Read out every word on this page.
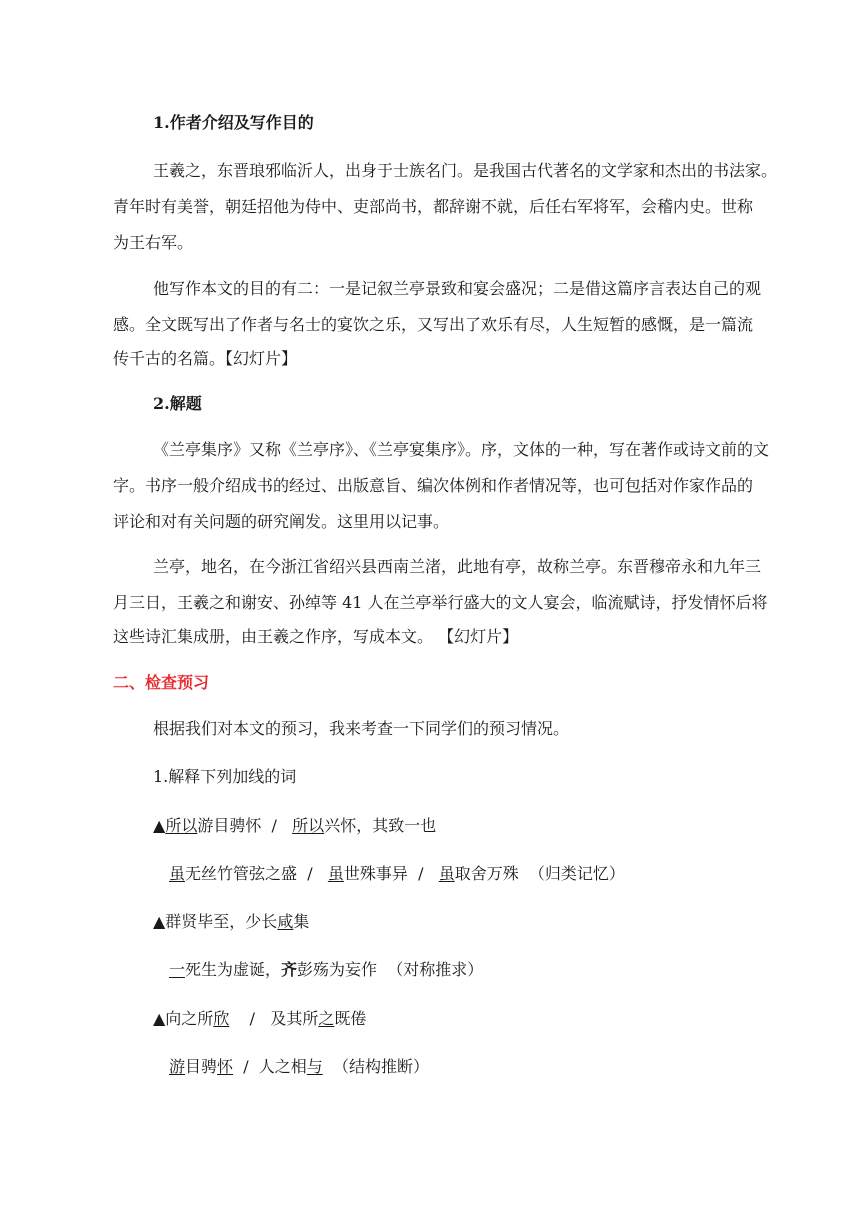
1.作者介绍及写作目的
王羲之，东晋琅邪临沂人，出身于士族名门。是我国古代著名的文学家和杰出的书法家。
青年时有美誉，朝廷招他为侍中、吏部尚书，都辞谢不就，后任右军将军，会稽内史。世称
为王右军。
他写作本文的目的有二：一是记叙兰亭景致和宴会盛况；二是借这篇序言表达自己的观
感。全文既写出了作者与名士的宴饮之乐，又写出了欢乐有尽，人生短暂的感慨，是一篇流
传千古的名篇。【幻灯片】
2.解题
《兰亭集序》又称《兰亭序》、《兰亭宴集序》。序，文体的一种，写在著作或诗文前的文
字。书序一般介绍成书的经过、出版意旨、编次体例和作者情况等，也可包括对作家作品的
评论和对有关问题的研究阐发。这里用以记事。
兰亭，地名，在今浙江省绍兴县西南兰渚，此地有亭，故称兰亭。东晋穆帝永和九年三
月三日，王羲之和谢安、孙绰等 41 人在兰亭举行盛大的文人宴会，临流赋诗，抒发情怀后将
这些诗汇集成册，由王羲之作序，写成本文。 【幻灯片】
二、检查预习
根据我们对本文的预习，我来考查一下同学们的预习情况。
1.解释下列加线的词
▲所以游目骋怀  /   所以兴怀，其致一也
虽无丝竹管弦之盛  /   虽世殊事异  /   虽取舍万殊  （归类记忆）
▲群贤毕至，少长咸集
一死生为虚诞，齐彭殇为妄作  （对称推求）
▲向之所欣    /   及其所之既倦
游目骋怀  /  人之相与  （结构推断）
